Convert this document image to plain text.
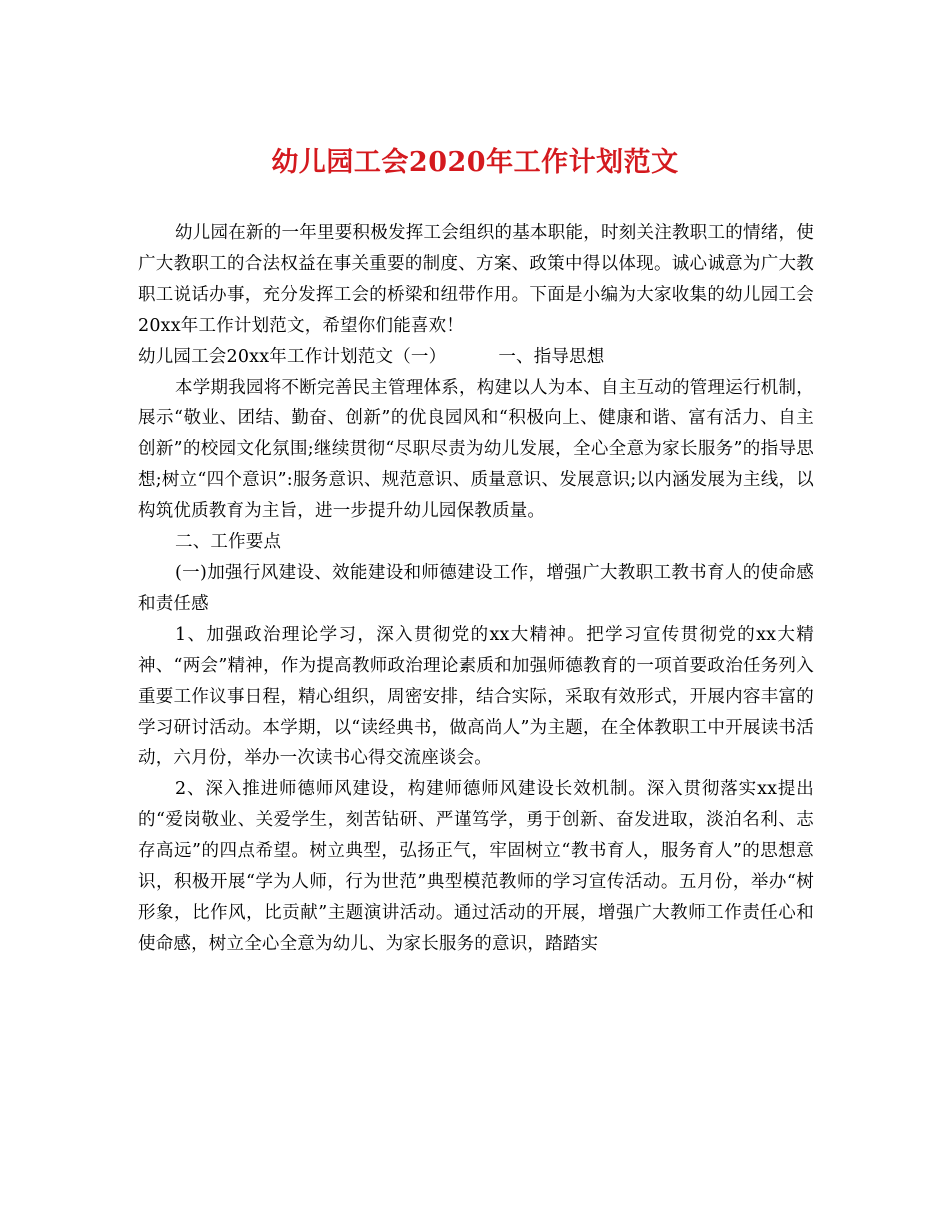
幼儿园工会2020年工作计划范文

幼儿园在新的一年里要积极发挥工会组织的基本职能，时刻关注教职工的情绪，使广大教职工的合法权益在事关重要的制度、方案、政策中得以体现。诚心诚意为广大教职工说话办事，充分发挥工会的桥梁和纽带作用。下面是小编为大家收集的幼儿园工会20xx年工作计划范文，希望你们能喜欢！

幼儿园工会20xx年工作计划范文（一）	一、指导思想

本学期我园将不断完善民主管理体系，构建以人为本、自主互动的管理运行机制，展示“敬业、团结、勤奋、创新”的优良园风和“积极向上、健康和谐、富有活力、自主创新”的校园文化氛围;继续贯彻“尽职尽责为幼儿发展，全心全意为家长服务”的指导思想;树立“四个意识”:服务意识、规范意识、质量意识、发展意识;以内涵发展为主线，以构筑优质教育为主旨，进一步提升幼儿园保教质量。

二、工作要点

(一)加强行风建设、效能建设和师德建设工作，增强广大教职工教书育人的使命感和责任感

1、加强政治理论学习，深入贯彻党的xx大精神。把学习宣传贯彻党的xx大精神、“两会”精神，作为提高教师政治理论素质和加强师德教育的一项首要政治任务列入重要工作议事日程，精心组织，周密安排，结合实际，采取有效形式，开展内容丰富的学习研讨活动。本学期，以“读经典书，做高尚人”为主题，在全体教职工中开展读书活动，六月份，举办一次读书心得交流座谈会。

2、深入推进师德师风建设，构建师德师风建设长效机制。深入贯彻落实xx提出的“爱岗敬业、关爱学生，刻苦钻研、严谨笃学，勇于创新、奋发进取，淡泊名利、志存高远”的四点希望。树立典型，弘扬正气，牢固树立“教书育人，服务育人”的思想意识，积极开展“学为人师，行为世范”典型模范教师的学习宣传活动。五月份，举办“树形象，比作风，比贡献”主题演讲活动。通过活动的开展，增强广大教师工作责任心和使命感，树立全心全意为幼儿、为家长服务的意识，踏踏实
